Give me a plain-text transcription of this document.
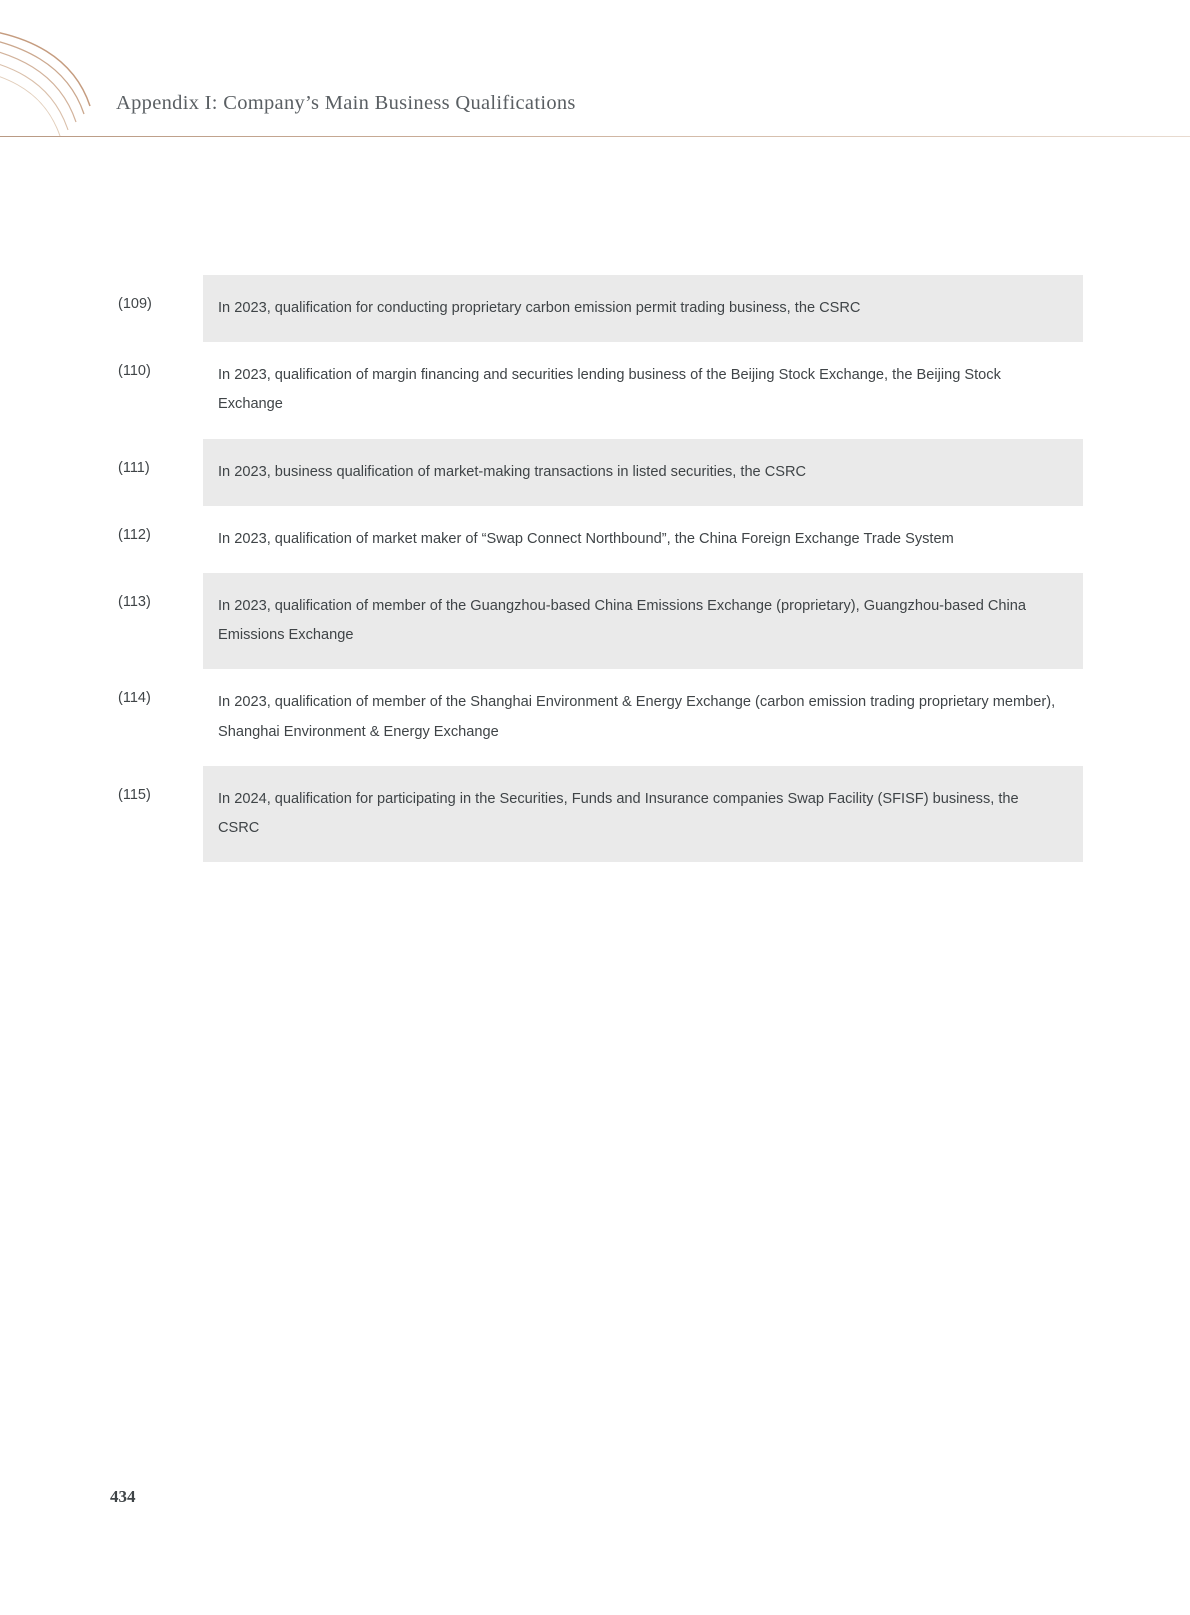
Appendix I: Company’s Main Business Qualifications
(109)	In 2023, qualification for conducting proprietary carbon emission permit trading business, the CSRC
(110)	In 2023, qualification of margin financing and securities lending business of the Beijing Stock Exchange, the Beijing Stock Exchange
(111)	In 2023, business qualification of market-making transactions in listed securities, the CSRC
(112)	In 2023, qualification of market maker of “Swap Connect Northbound”, the China Foreign Exchange Trade System
(113)	In 2023, qualification of member of the Guangzhou-based China Emissions Exchange (proprietary), Guangzhou-based China Emissions Exchange
(114)	In 2023, qualification of member of the Shanghai Environment & Energy Exchange (carbon emission trading proprietary member), Shanghai Environment & Energy Exchange
(115)	In 2024, qualification for participating in the Securities, Funds and Insurance companies Swap Facility (SFISF) business, the CSRC
434
